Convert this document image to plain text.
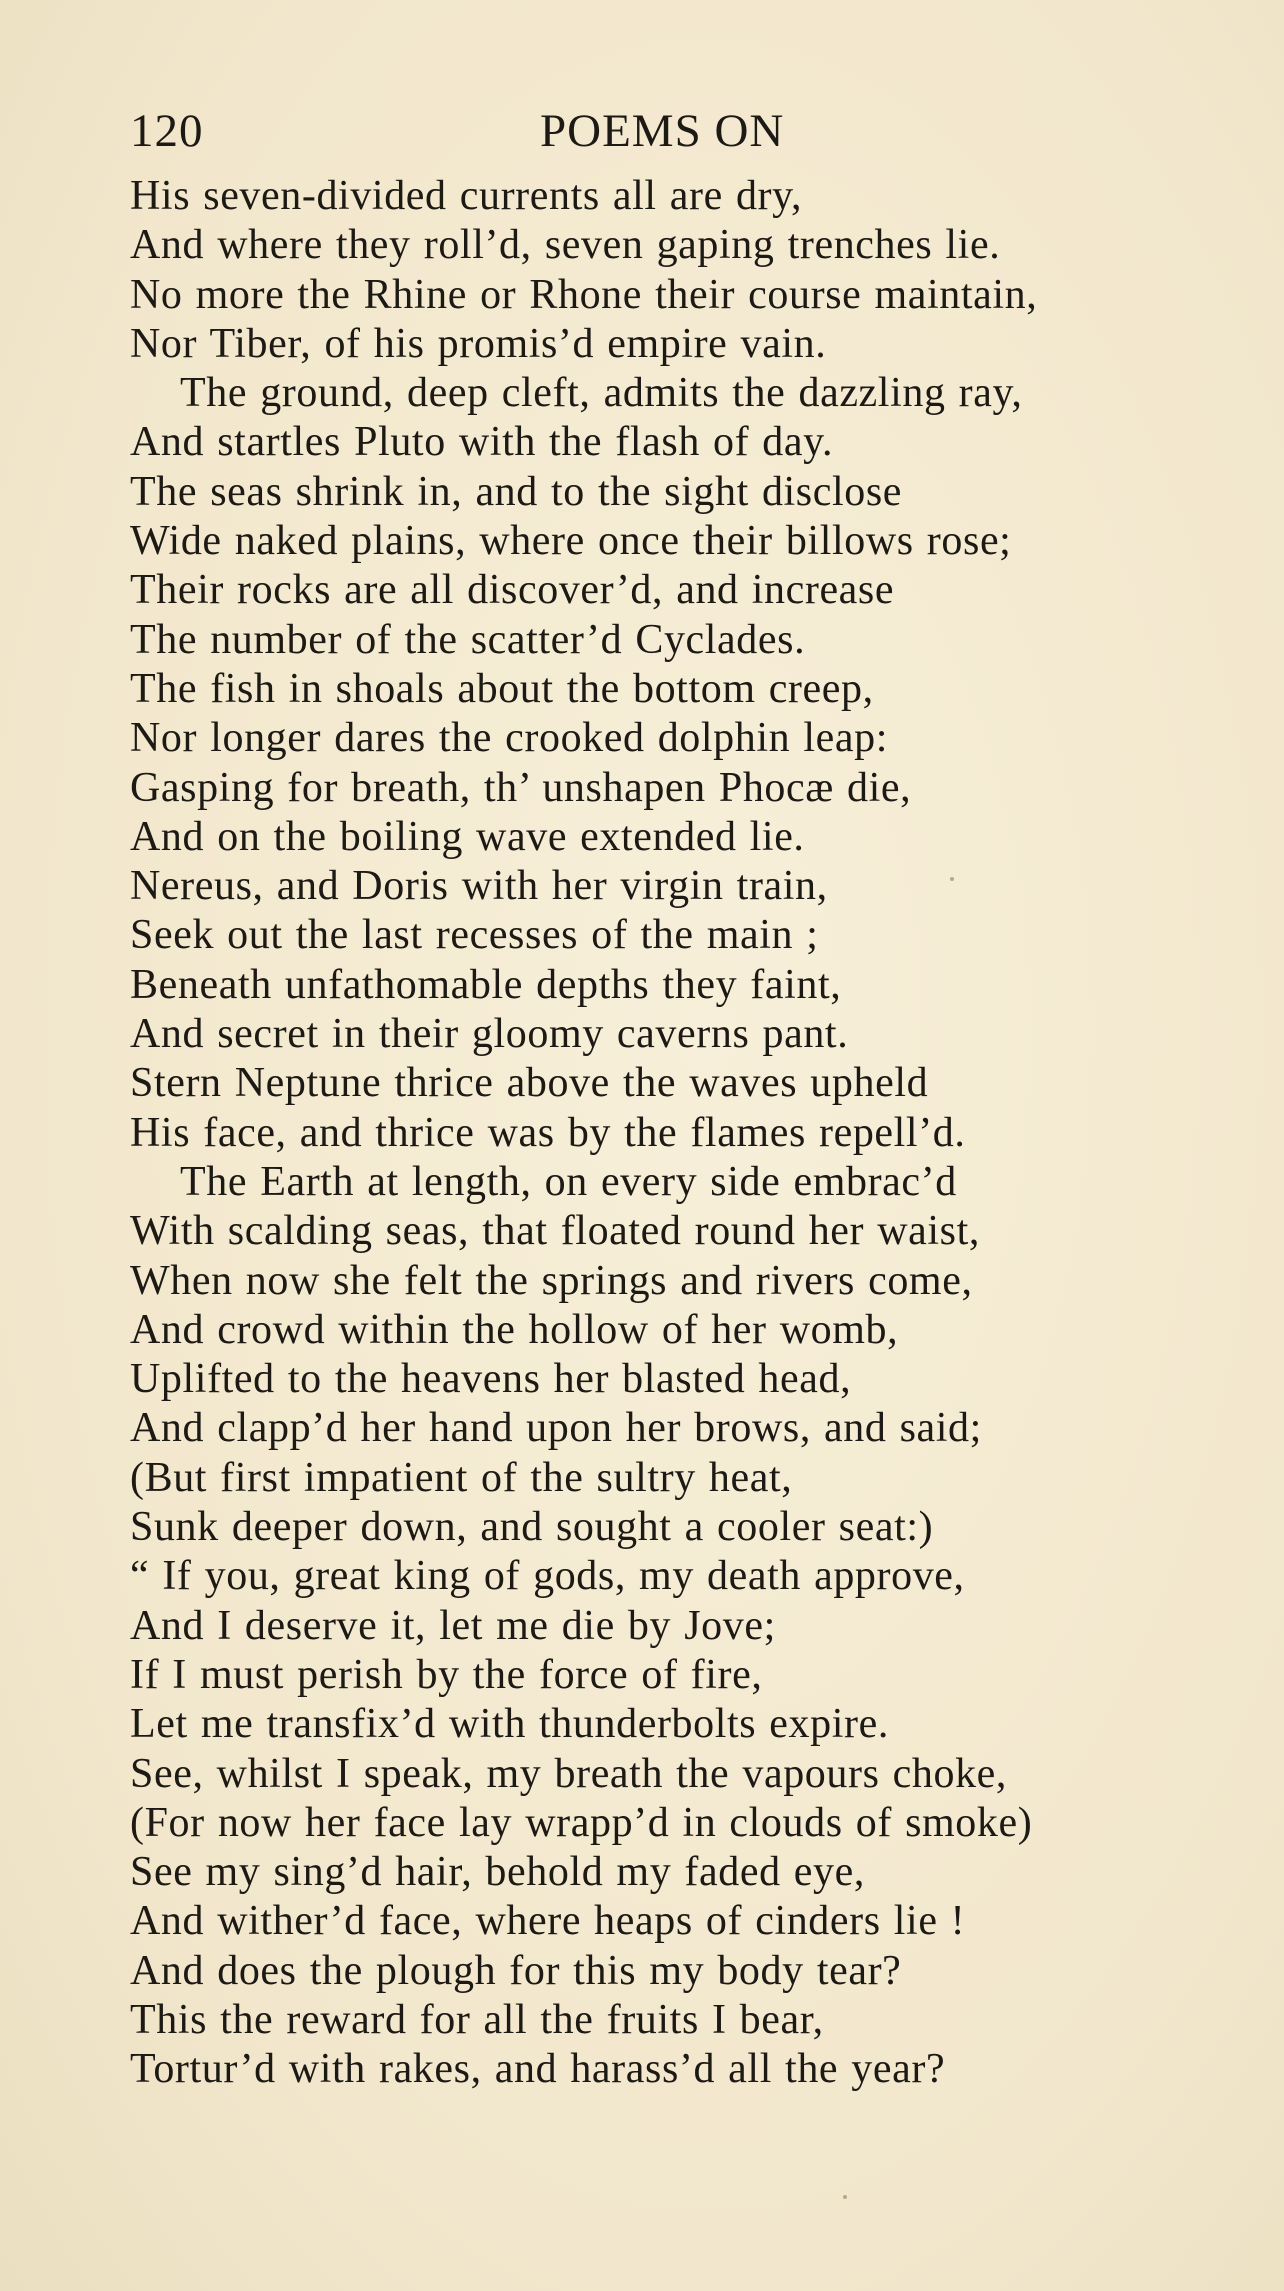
120	POEMS ON
His seven-divided currents all are dry,
And where they roll’d, seven gaping trenches lie.
No more the Rhine or Rhone their course maintain,
Nor Tiber, of his promis’d empire vain.
The ground, deep cleft, admits the dazzling ray,
And startles Pluto with the flash of day.
The seas shrink in, and to the sight disclose
Wide naked plains, where once their billows rose;
Their rocks are all discover’d, and increase
The number of the scatter’d Cyclades.
The fish in shoals about the bottom creep,
Nor longer dares the crooked dolphin leap:
Gasping for breath, th’ unshapen Phocæ die,
And on the boiling wave extended lie.
Nereus, and Doris with her virgin train,
Seek out the last recesses of the main ;
Beneath unfathomable depths they faint,
And secret in their gloomy caverns pant.
Stern Neptune thrice above the waves upheld
His face, and thrice was by the flames repell’d.
The Earth at length, on every side embrac’d
With scalding seas, that floated round her waist,
When now she felt the springs and rivers come,
And crowd within the hollow of her womb,
Uplifted to the heavens her blasted head,
And clapp’d her hand upon her brows, and said;
(But first impatient of the sultry heat,
Sunk deeper down, and sought a cooler seat:)
“ If you, great king of gods, my death approve,
And I deserve it, let me die by Jove;
If I must perish by the force of fire,
Let me transfix’d with thunderbolts expire.
See, whilst I speak, my breath the vapours choke,
(For now her face lay wrapp’d in clouds of smoke)
See my sing’d hair, behold my faded eye,
And wither’d face, where heaps of cinders lie !
And does the plough for this my body tear?
This the reward for all the fruits I bear,
Tortur’d with rakes, and harass’d all the year?
